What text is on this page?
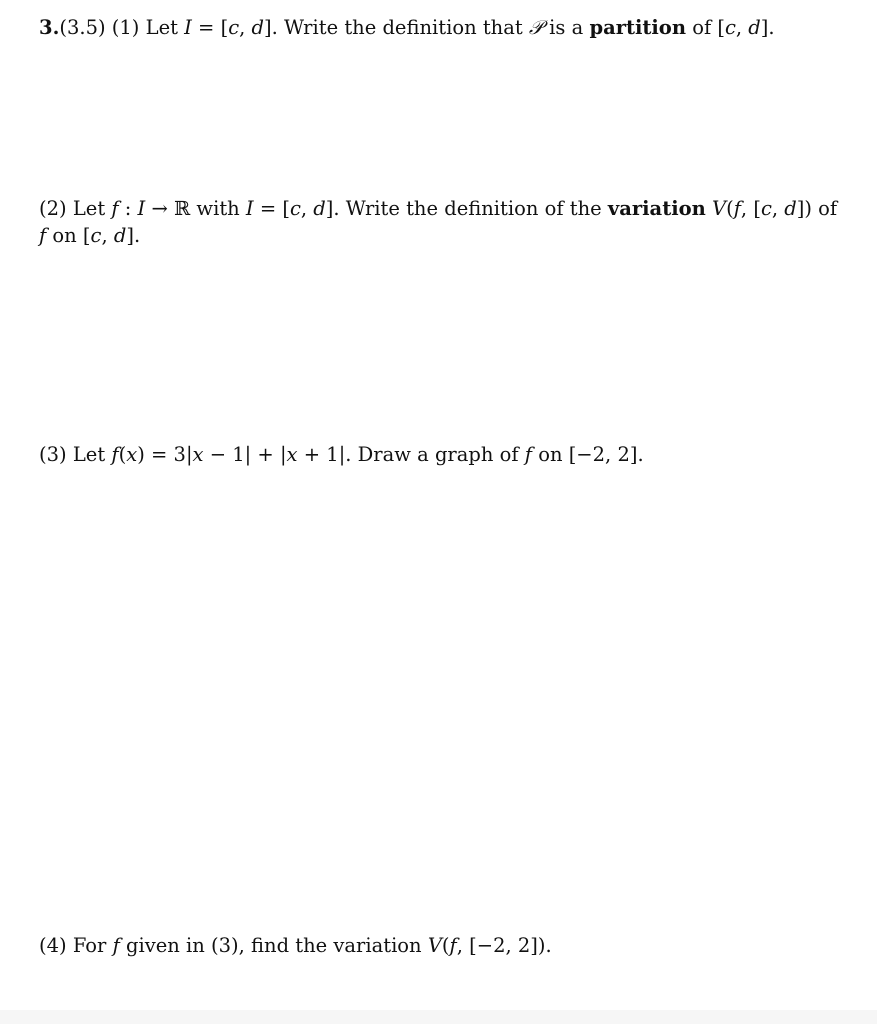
3.(3.5) (1) Let I = [c, d]. Write the definition that 𝒫 is a partition of [c, d].

(2) Let f : I → ℝ with I = [c, d]. Write the definition of the variation V(f, [c, d]) of f on [c, d].

(3) Let f(x) = 3|x − 1| + |x + 1|. Draw a graph of f on [−2, 2].

(4) For f given in (3), find the variation V(f, [−2, 2]).
